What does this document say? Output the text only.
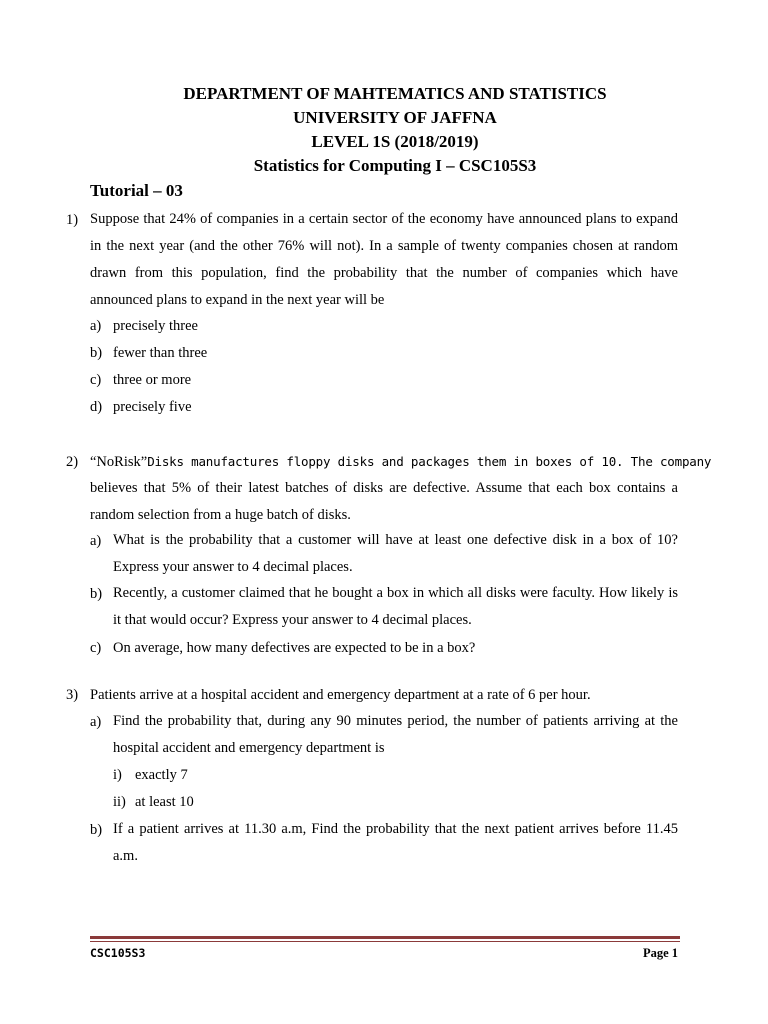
DEPARTMENT OF MAHTEMATICS AND STATISTICS
UNIVERSITY OF JAFFNA
LEVEL 1S (2018/2019)
Statistics for Computing I – CSC105S3
Tutorial – 03
1) Suppose that 24% of companies in a certain sector of the economy have announced plans to expand in the next year (and the other 76% will not). In a sample of twenty companies chosen at random drawn from this population, find the probability that the number of companies which have announced plans to expand in the next year will be
a) precisely three
b) fewer than three
c) three or more
d) precisely five
2) “NoRisk” Disks manufactures floppy disks and packages them in boxes of 10. The company
believes that 5% of their latest batches of disks are defective. Assume that each box contains a random selection from a huge batch of disks.
a) What is the probability that a customer will have at least one defective disk in a box of 10? Express your answer to 4 decimal places.
b) Recently, a customer claimed that he bought a box in which all disks were faculty. How likely is it that would occur? Express your answer to 4 decimal places.
c) On average, how many defectives are expected to be in a box?
3) Patients arrive at a hospital accident and emergency department at a rate of 6 per hour.
a) Find the probability that, during any 90 minutes period, the number of patients arriving at the hospital accident and emergency department is
i) exactly 7
ii) at least 10
b) If a patient arrives at 11.30 a.m, Find the probability that the next patient arrives before 11.45 a.m.
CSC105S3	Page 1
